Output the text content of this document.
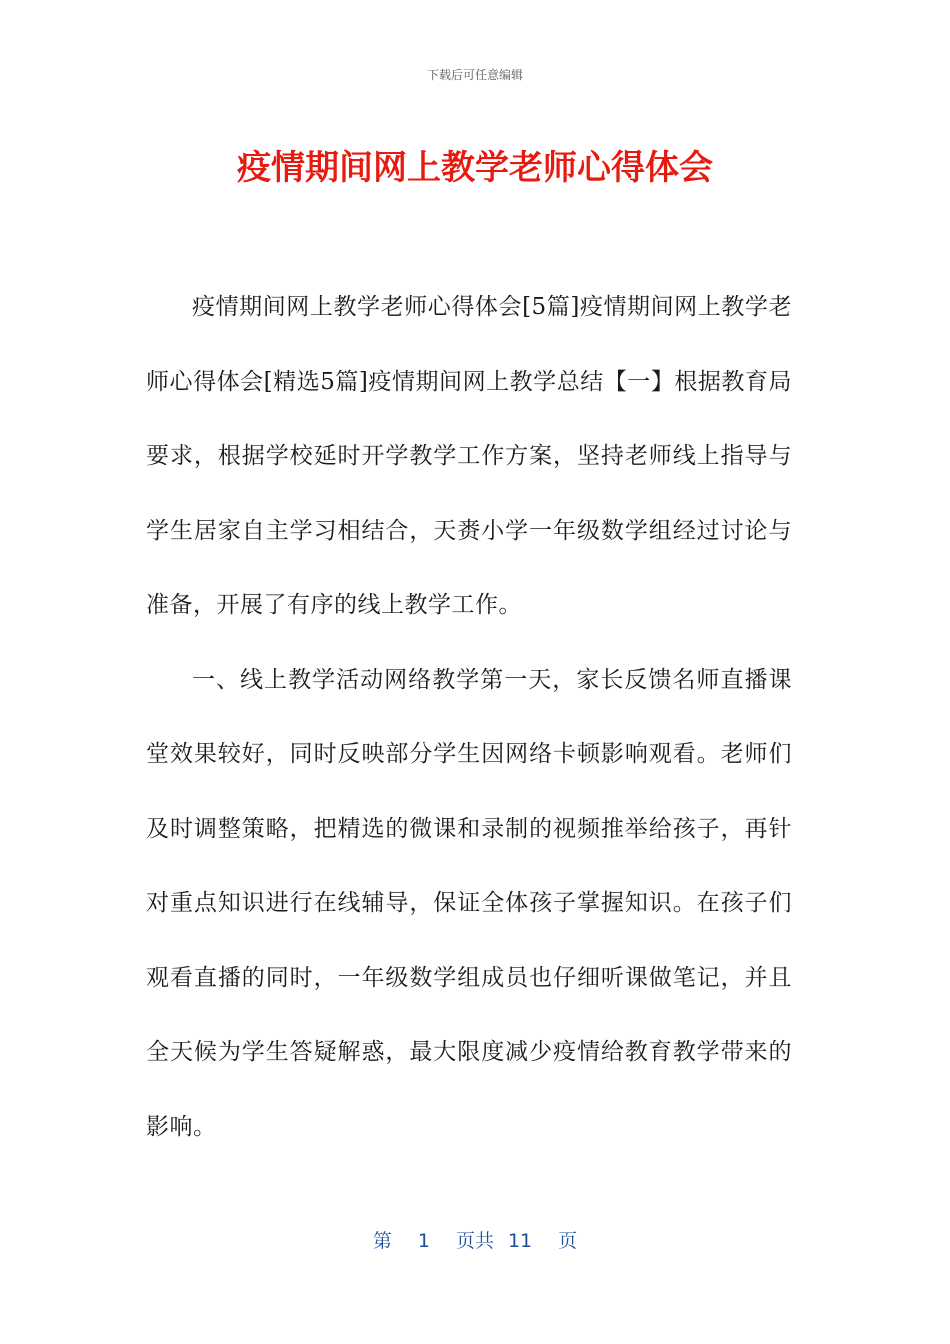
下载后可任意编辑
疫情期间网上教学老师心得体会

疫情期间网上教学老师心得体会[5篇]疫情期间网上教学老师心得体会[精选5篇]疫情期间网上教学总结【一】根据教育局要求，根据学校延时开学教学工作方案，坚持老师线上指导与学生居家自主学习相结合，天赉小学一年级数学组经过讨论与准备，开展了有序的线上教学工作。

一、线上教学活动网络教学第一天，家长反馈名师直播课堂效果较好，同时反映部分学生因网络卡顿影响观看。老师们及时调整策略，把精选的微课和录制的视频推举给孩子，再针对重点知识进行在线辅导，保证全体孩子掌握知识。在孩子们观看直播的同时，一年级数学组成员也仔细听课做笔记，并且全天候为学生答疑解惑，最大限度减少疫情给教育教学带来的影响。

第 1 页共 11 页
